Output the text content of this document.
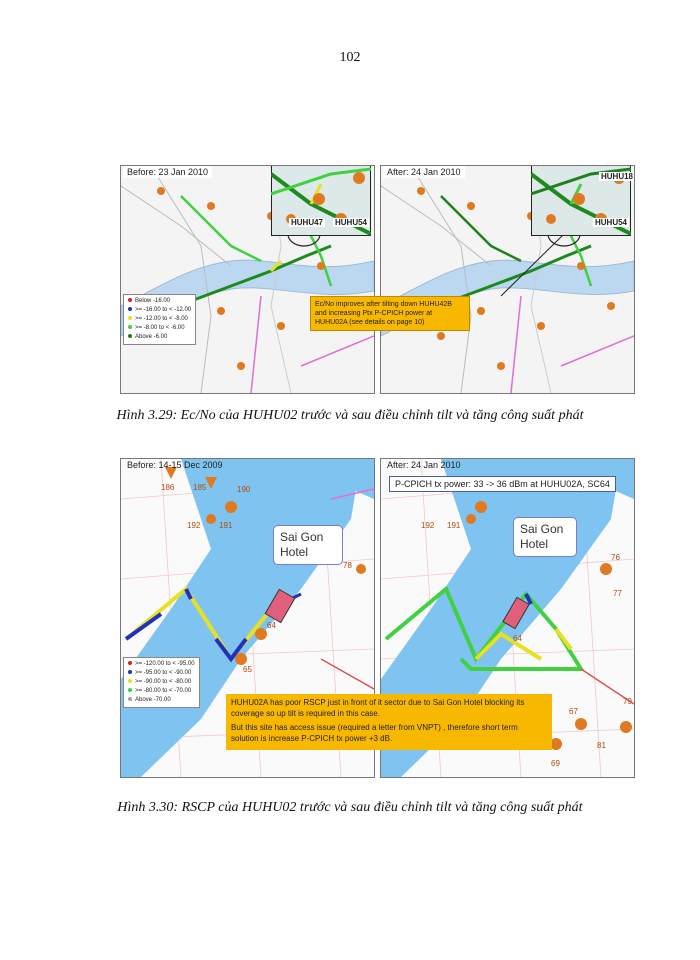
102
Before: 23 Jan 2010
HUHU47 HUHU54
Below -16.00
>= -16.00 to < -12.00
>= -12.00 to < -8.00
>= -8.00 to < -6.00
Above -6.00
After: 24 Jan 2010	HUHU18
HUHU54
Ec/No improves after tilting down HUHU42B and increasing Ptx P-CPICH power at HUHU02A (see details on page 10)
Hình 3.29: Ec/No của HUHU02 trước và sau điều chỉnh tilt và tăng công suất phát
Before: 14-15 Dec 2009
Sai Gon Hotel
>= -120.00 to < -95.00
>= -95.00 to < -90.00
>= -90.00 to < -80.00
>= -80.00 to < -70.00
Above -70.00
186 185	190
192 191
78
64
65
After: 24 Jan 2010
P-CPICH tx power: 33 -> 36 dBm at HUHU02A, SC64
Sai Gon Hotel
192 191
76
77
64
79
67
69
81

HUHU02A has poor RSCP just in front of it sector due to Sai Gon Hotel blocking its coverage so up tilt is required in this case.

But this site has access issue (required a letter from VNPT) , therefore short term solution is increase P-CPICH tx power +3 dB.

Hình 3.30: RSCP của HUHU02 trước và sau điều chỉnh tilt và tăng công suất phát
